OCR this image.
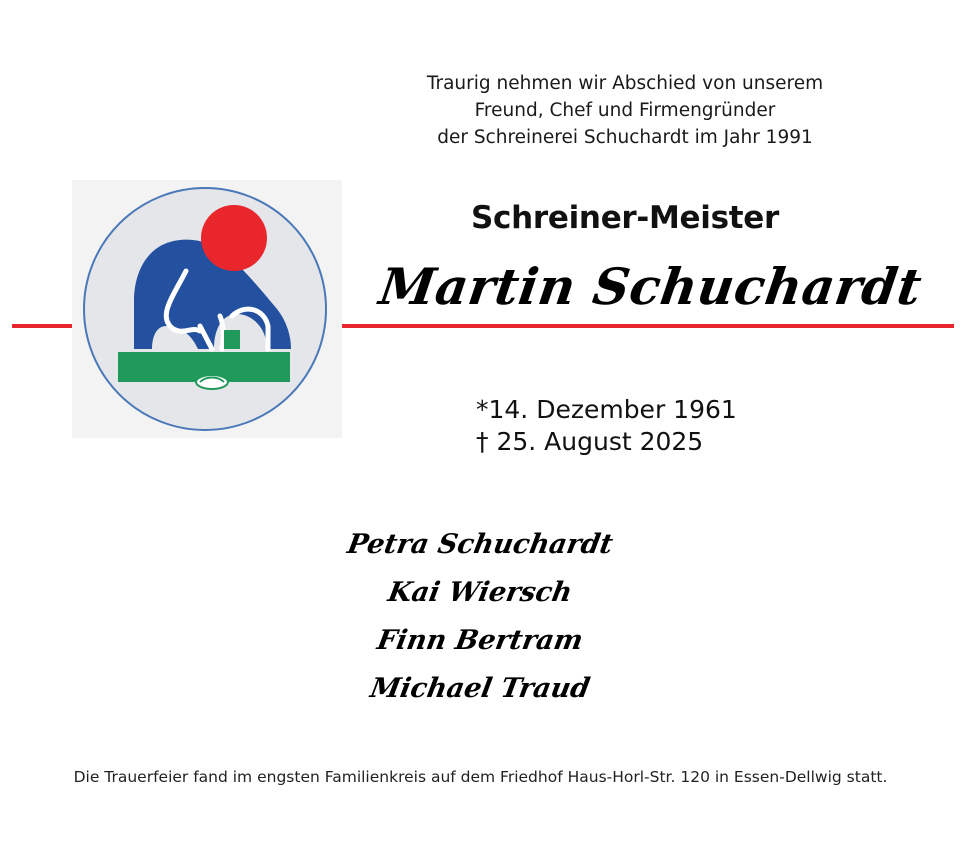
Traurig nehmen wir Abschied von unserem
Freund, Chef und Firmengründer
der Schreinerei Schuchardt im Jahr 1991
Schreiner-Meister
Martin Schuchardt
*14. Dezember 1961
† 25. August 2025
Petra Schuchardt
Kai Wiersch
Finn Bertram
Michael Traud
Die Trauerfeier fand im engsten Familienkreis auf dem Friedhof Haus-Horl-Str. 120 in Essen-Dellwig statt.
